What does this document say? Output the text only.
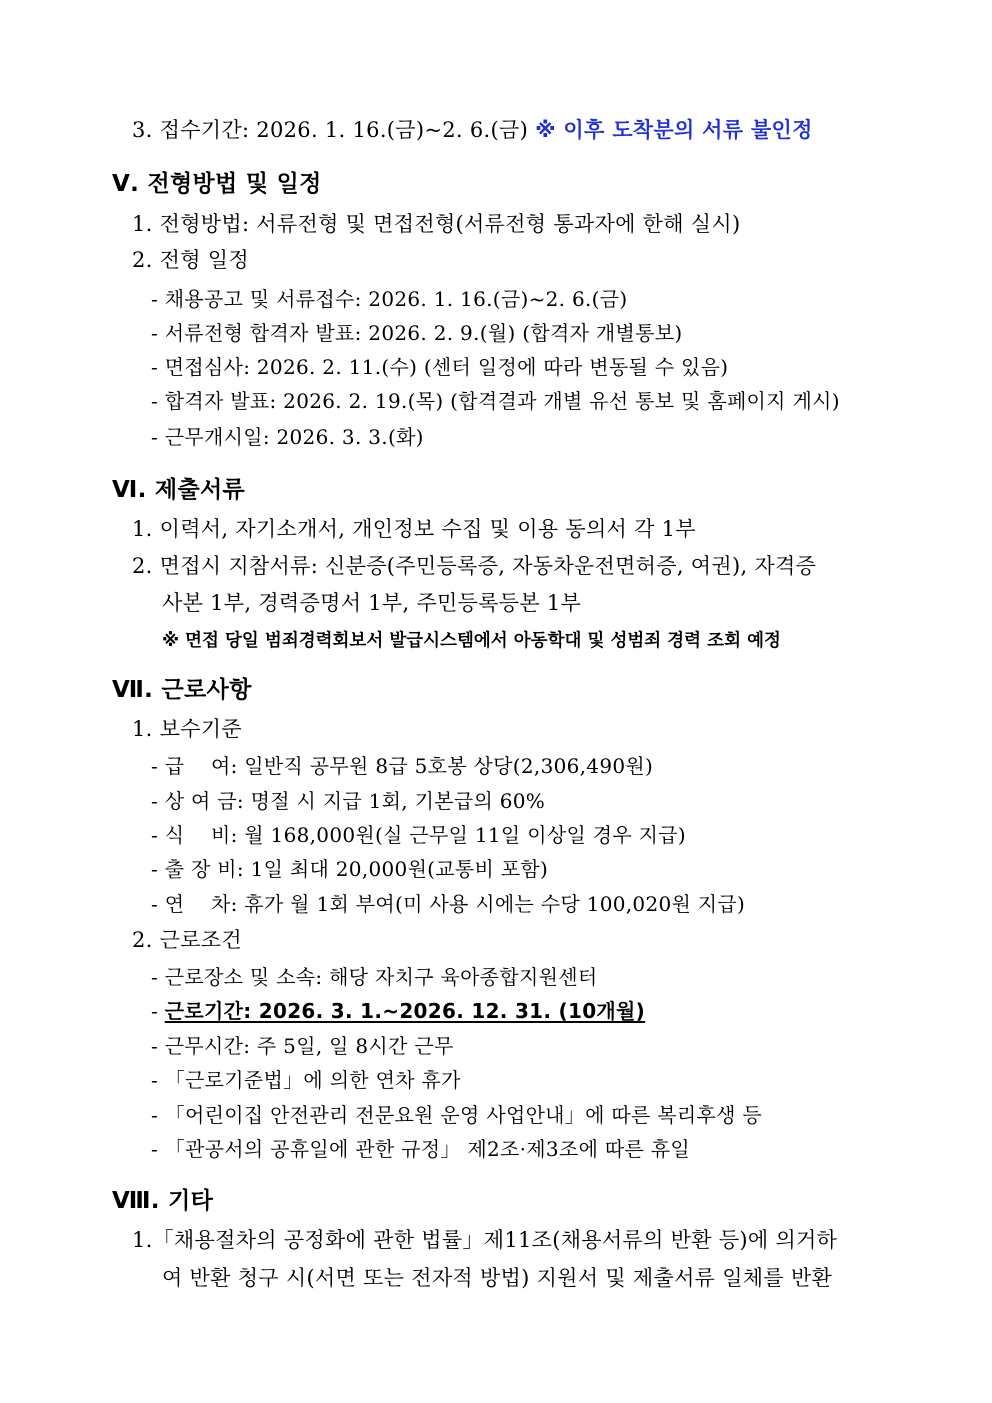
3. 접수기간: 2026. 1. 16.(금)~2. 6.(금) ※ 이후 도착분의 서류 불인정
Ⅴ. 전형방법 및 일정
1. 전형방법: 서류전형 및 면접전형(서류전형 통과자에 한해 실시)
2. 전형 일정
- 채용공고 및 서류접수: 2026. 1. 16.(금)~2. 6.(금)
- 서류전형 합격자 발표: 2026. 2. 9.(월) (합격자 개별통보)
- 면접심사: 2026. 2. 11.(수) (센터 일정에 따라 변동될 수 있음)
- 합격자 발표: 2026. 2. 19.(목) (합격결과 개별 유선 통보 및 홈페이지 게시)
- 근무개시일: 2026. 3. 3.(화)
Ⅵ. 제출서류
1. 이력서, 자기소개서, 개인정보 수집 및 이용 동의서 각 1부
2. 면접시 지참서류: 신분증(주민등록증, 자동차운전면허증, 여권), 자격증
사본 1부, 경력증명서 1부, 주민등록등본 1부
※ 면접 당일 범죄경력회보서 발급시스템에서 아동학대 및 성범죄 경력 조회 예정
Ⅶ. 근로사항
1. 보수기준
- 급    여: 일반직 공무원 8급 5호봉 상당(2,306,490원)
- 상 여 금: 명절 시 지급 1회, 기본급의 60%
- 식    비: 월 168,000원(실 근무일 11일 이상일 경우 지급)
- 출 장 비: 1일 최대 20,000원(교통비 포함)
- 연    차: 휴가 월 1회 부여(미 사용 시에는 수당 100,020원 지급)
2. 근로조건
- 근로장소 및 소속: 해당 자치구 육아종합지원센터
- 근로기간: 2026. 3. 1.~2026. 12. 31. (10개월)
- 근무시간: 주 5일, 일 8시간 근무
- 「근로기준법」에 의한 연차 휴가
- 「어린이집 안전관리 전문요원 운영 사업안내」에 따른 복리후생 등
- 「관공서의 공휴일에 관한 규정」 제2조·제3조에 따른 휴일
Ⅷ. 기타
1.「채용절차의 공정화에 관한 법률」제11조(채용서류의 반환 등)에 의거하
여 반환 청구 시(서면 또는 전자적 방법) 지원서 및 제출서류 일체를 반환
